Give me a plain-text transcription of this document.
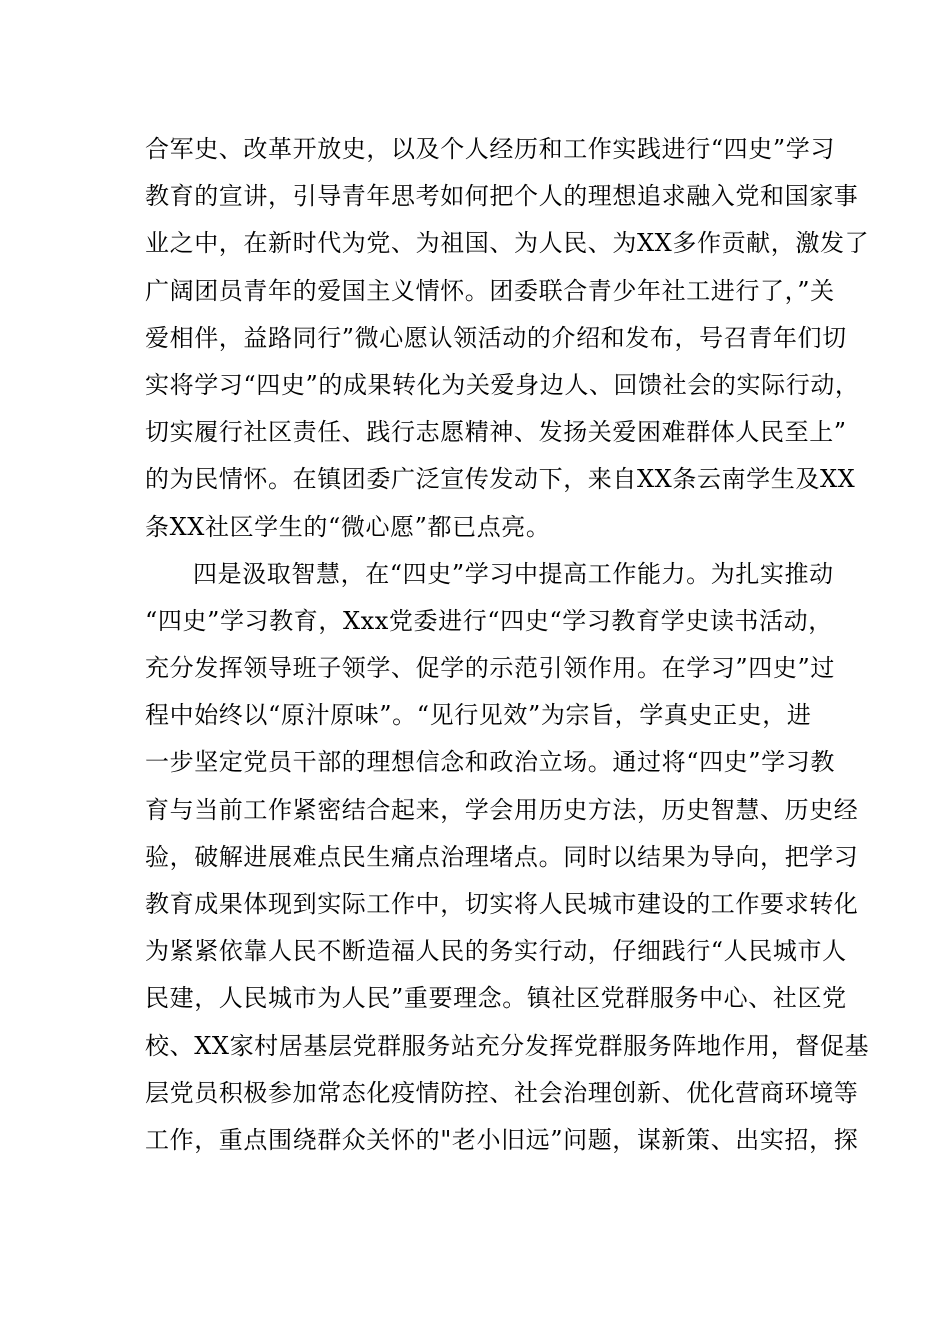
合军史、改革开放史，以及个人经历和工作实践进行“四史”学习
教育的宣讲，引导青年思考如何把个人的理想追求融入党和国家事
业之中，在新时代为党、为祖国、为人民、为XX多作贡献，激发了
广阔团员青年的爱国主义情怀。团委联合青少年社工进行了，”关
爱相伴，益路同行”微心愿认领活动的介绍和发布，号召青年们切
实将学习“四史”的成果转化为关爱身边人、回馈社会的实际行动，
切实履行社区责任、践行志愿精神、发扬关爱困难群体人民至上”
的为民情怀。在镇团委广泛宣传发动下，来自XX条云南学生及XX
条XX社区学生的“微心愿”都已点亮。
四是汲取智慧，在“四史”学习中提高工作能力。为扎实推动
“四史”学习教育，Xxx党委进行“四史“学习教育学史读书活动，
充分发挥领导班子领学、促学的示范引领作用。在学习”四史”过
程中始终以“原汁原味”。“见行见效”为宗旨，学真史正史，进
一步坚定党员干部的理想信念和政治立场。通过将“四史”学习教
育与当前工作紧密结合起来，学会用历史方法，历史智慧、历史经
验，破解进展难点民生痛点治理堵点。同时以结果为导向，把学习
教育成果体现到实际工作中，切实将人民城市建设的工作要求转化
为紧紧依靠人民不断造福人民的务实行动，仔细践行“人民城市人
民建，人民城市为人民”重要理念。镇社区党群服务中心、社区党
校、XX家村居基层党群服务站充分发挥党群服务阵地作用，督促基
层党员积极参加常态化疫情防控、社会治理创新、优化营商环境等
工作，重点围绕群众关怀的"老小旧远”问题，谋新策、出实招，探
